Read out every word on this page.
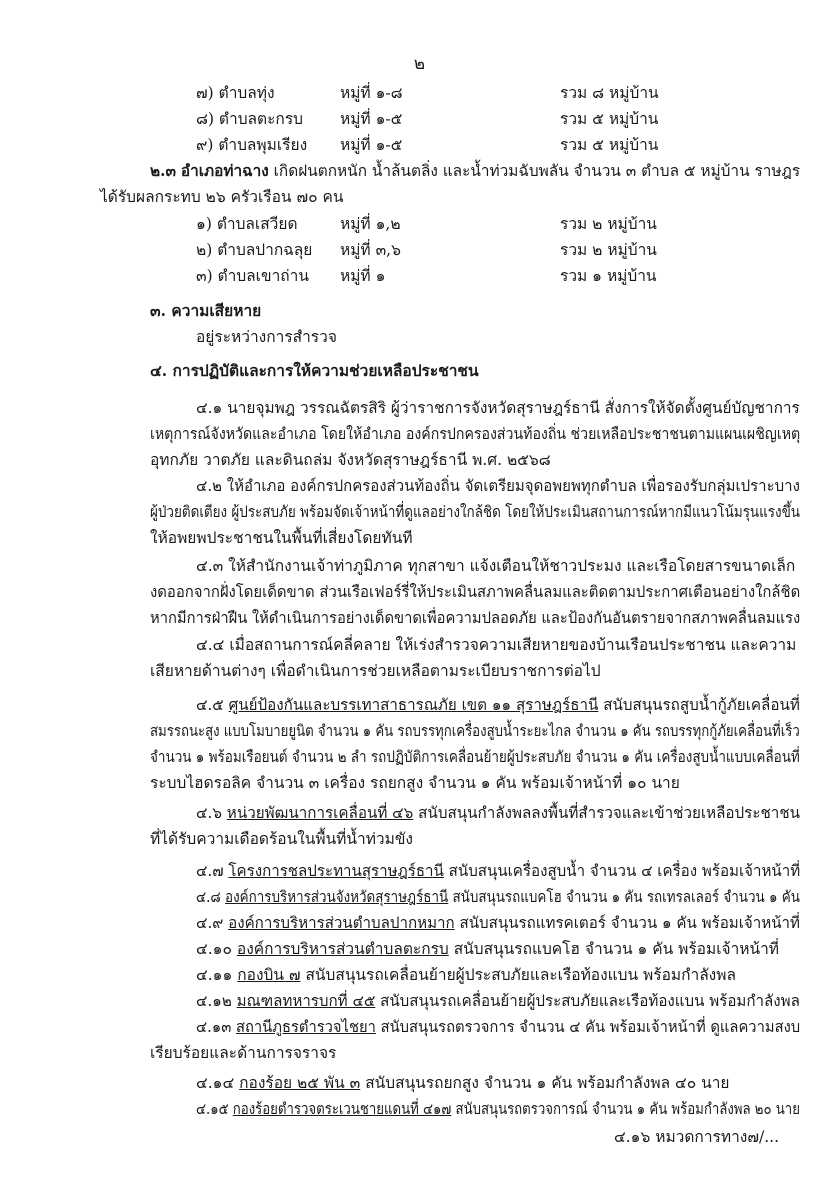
๒
๗) ตำบลทุ่ง	หมู่ที่ ๑-๘	รวม ๘ หมู่บ้าน
๘) ตำบลตะกรบ หมู่ที่ ๑-๕	รวม ๕ หมู่บ้าน
๙) ตำบลพุมเรียง หมู่ที่ ๑-๕	รวม ๕ หมู่บ้าน
๒.๓ อำเภอท่าฉาง เกิดฝนตกหนัก น้ำล้นตลิ่ง และน้ำท่วมฉับพลัน จำนวน ๓ ตำบล ๕ หมู่บ้าน ราษฎร
ได้รับผลกระทบ ๒๖ ครัวเรือน ๗๐ คน
๑) ตำบลเสวียด	หมู่ที่ ๑,๒	รวม ๒ หมู่บ้าน
๒) ตำบลปากฉลุย หมู่ที่ ๓,๖	รวม ๒ หมู่บ้าน
๓) ตำบลเขาถ่าน หมู่ที่ ๑	รวม ๑ หมู่บ้าน
๓. ความเสียหาย
อยู่ระหว่างการสำรวจ
๔. การปฏิบัติและการให้ความช่วยเหลือประชาชน
๔.๑ นายจุมพฎ วรรณฉัตรสิริ ผู้ว่าราชการจังหวัดสุราษฎร์ธานี สั่งการให้จัดตั้งศูนย์บัญชาการ
เหตุการณ์จังหวัดและอำเภอ โดยให้อำเภอ องค์กรปกครองส่วนท้องถิ่น ช่วยเหลือประชาชนตามแผนเผชิญเหตุ
อุทกภัย วาตภัย และดินถล่ม จังหวัดสุราษฎร์ธานี พ.ศ. ๒๕๖๘
๔.๒ ให้อำเภอ องค์กรปกครองส่วนท้องถิ่น จัดเตรียมจุดอพยพทุกตำบล เพื่อรองรับกลุ่มเปราะบาง
ผู้ป่วยติดเตียง ผู้ประสบภัย พร้อมจัดเจ้าหน้าที่ดูแลอย่างใกล้ชิด โดยให้ประเมินสถานการณ์หากมีแนวโน้มรุนแรงขึ้น
ให้อพยพประชาชนในพื้นที่เสี่ยงโดยทันที
๔.๓ ให้สำนักงานเจ้าท่าภูมิภาค ทุกสาขา แจ้งเตือนให้ชาวประมง และเรือโดยสารขนาดเล็ก
งดออกจากฝั่งโดยเด็ดขาด ส่วนเรือเฟอร์รี่ให้ประเมินสภาพคลื่นลมและติดตามประกาศเตือนอย่างใกล้ชิด
หากมีการฝ่าฝืน ให้ดำเนินการอย่างเด็ดขาดเพื่อความปลอดภัย และป้องกันอันตรายจากสภาพคลื่นลมแรง
๔.๔ เมื่อสถานการณ์คลี่คลาย ให้เร่งสำรวจความเสียหายของบ้านเรือนประชาชน และความ
เสียหายด้านต่างๆ เพื่อดำเนินการช่วยเหลือตามระเบียบราชการต่อไป
๔.๕ ศูนย์ป้องกันและบรรเทาสาธารณภัย เขต ๑๑ สุราษฎร์ธานี สนับสนุนรถสูบน้ำกู้ภัยเคลื่อนที่
สมรรถนะสูง แบบโมบายยูนิต จำนวน ๑ คัน รถบรรทุกเครื่องสูบน้ำระยะไกล จำนวน ๑ คัน รถบรรทุกกู้ภัยเคลื่อนที่เร็ว
จำนวน ๑ พร้อมเรือยนต์ จำนวน ๒ ลำ รถปฏิบัติการเคลื่อนย้ายผู้ประสบภัย จำนวน ๑ คัน เครื่องสูบน้ำแบบเคลื่อนที่
ระบบไฮดรอลิค จำนวน ๓ เครื่อง รถยกสูง จำนวน ๑ คัน พร้อมเจ้าหน้าที่ ๑๐ นาย
๔.๖ หน่วยพัฒนาการเคลื่อนที่ ๔๖ สนับสนุนกำลังพลลงพื้นที่สำรวจและเข้าช่วยเหลือประชาชน
ที่ได้รับความเดือดร้อนในพื้นที่น้ำท่วมขัง
๔.๗ โครงการชลประทานสุราษฎร์ธานี สนับสนุนเครื่องสูบน้ำ จำนวน ๔ เครื่อง พร้อมเจ้าหน้าที่
๔.๘ องค์การบริหารส่วนจังหวัดสุราษฎร์ธานี สนับสนุนรถแบคโฮ จำนวน ๑ คัน รถเทรลเลอร์ จำนวน ๑ คัน
๔.๙ องค์การบริหารส่วนตำบลปากหมาก สนับสนุนรถแทรคเตอร์ จำนวน ๑ คัน พร้อมเจ้าหน้าที่
๔.๑๐ องค์การบริหารส่วนตำบลตะกรบ สนับสนุนรถแบคโฮ จำนวน ๑ คัน พร้อมเจ้าหน้าที่
๔.๑๑ กองบิน ๗ สนับสนุนรถเคลื่อนย้ายผู้ประสบภัยและเรือท้องแบน พร้อมกำลังพล
๔.๑๒ มณฑลทหารบกที่ ๔๕ สนับสนุนรถเคลื่อนย้ายผู้ประสบภัยและเรือท้องแบน พร้อมกำลังพล
๔.๑๓ สถานีภูธรตำรวจไชยา สนับสนุนรถตรวจการ จำนวน ๔ คัน พร้อมเจ้าหน้าที่ ดูแลความสงบ
เรียบร้อยและด้านการจราจร
๔.๑๔ กองร้อย ๒๕ พัน ๓ สนับสนุนรถยกสูง จำนวน ๑ คัน พร้อมกำลังพล ๔๐ นาย
๔.๑๕ กองร้อยตำรวจตระเวนชายแดนที่ ๔๑๗ สนับสนุนรถตรวจการณ์ จำนวน ๑ คัน พร้อมกำลังพล ๒๐ นาย
๔.๑๖ หมวดการทาง๗/...
